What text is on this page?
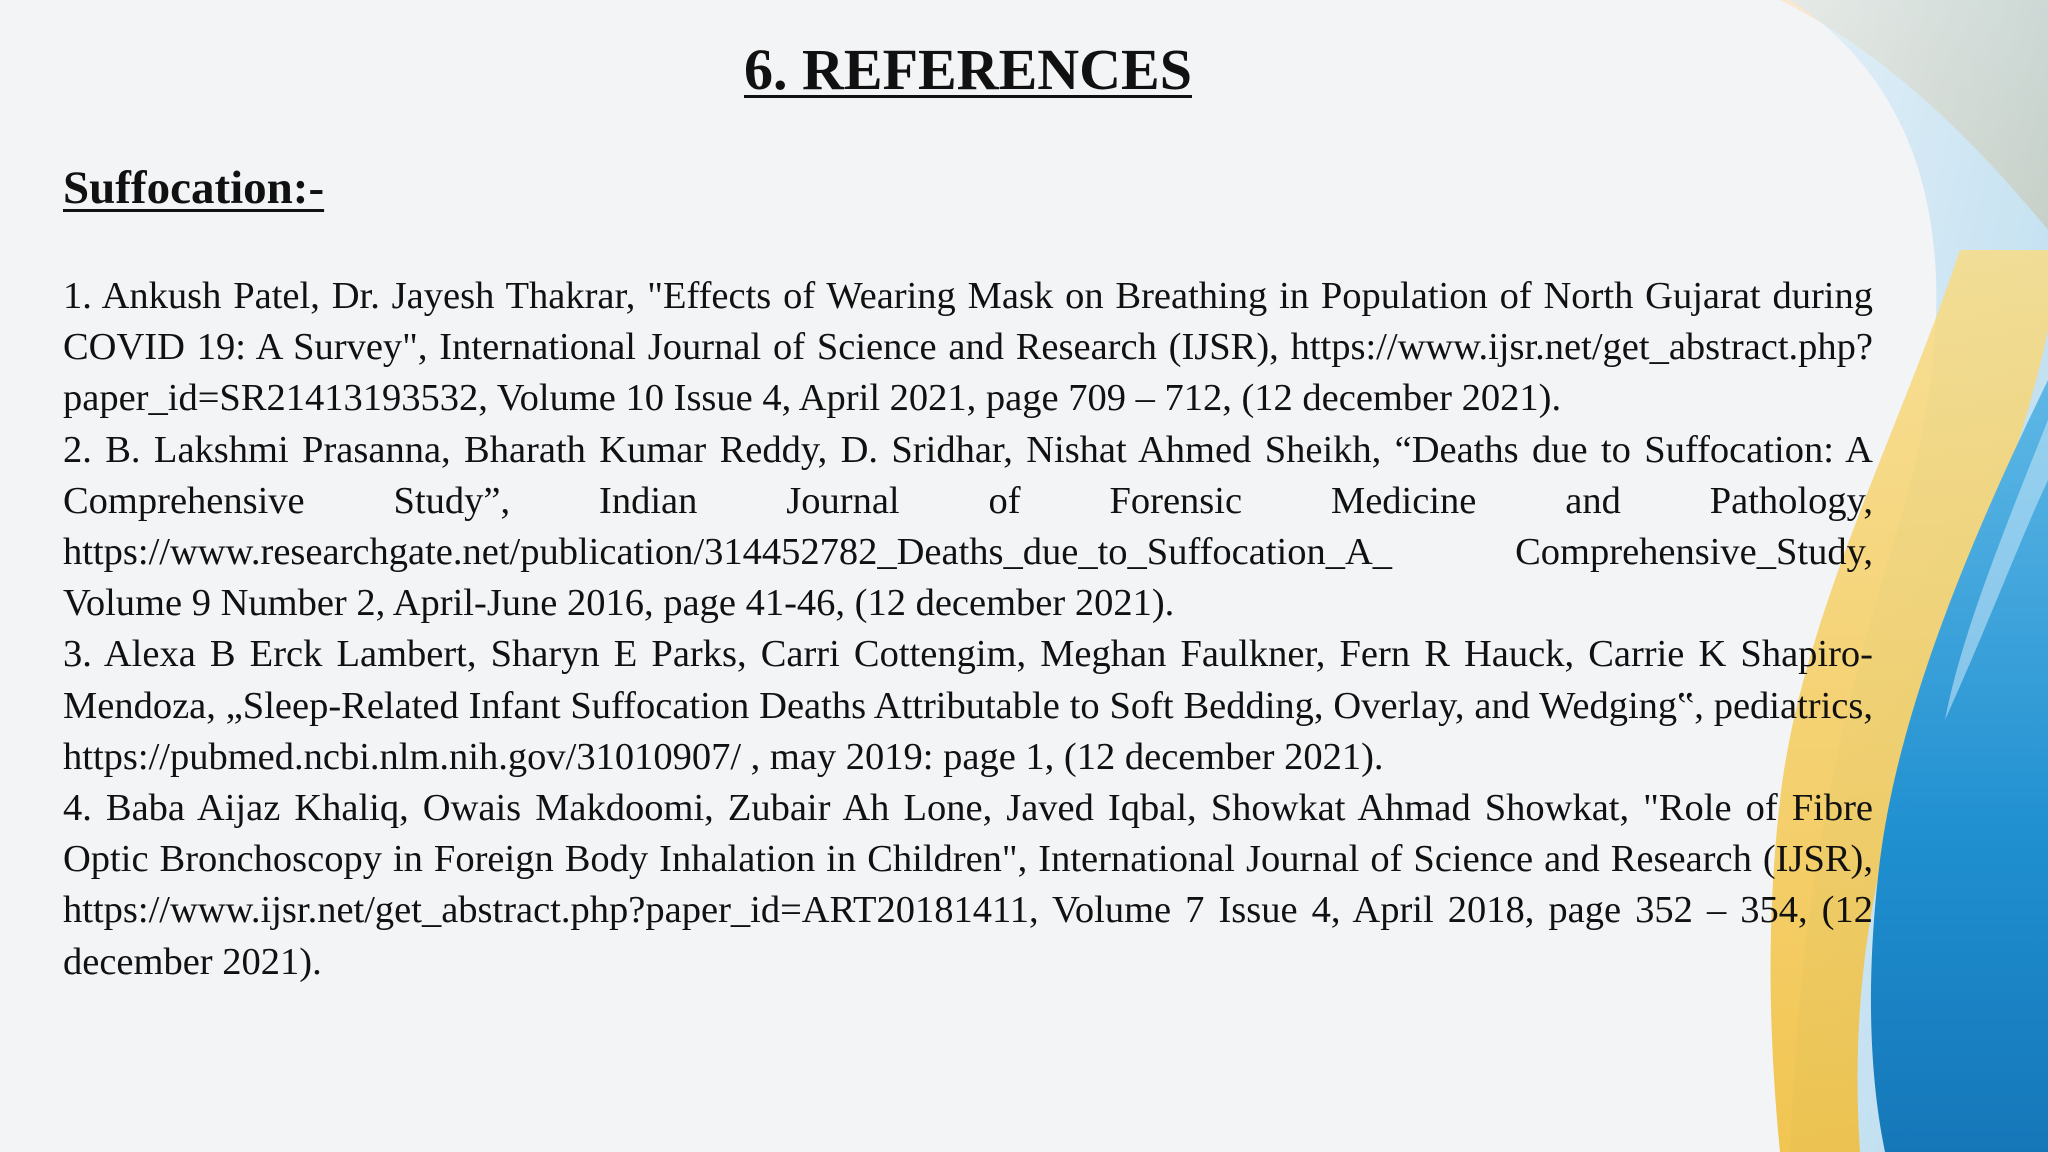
6. REFERENCES
Suffocation:-

1. Ankush Patel, Dr. Jayesh Thakrar, "Effects of Wearing Mask on Breathing in Population of North Gujarat during COVID 19: A Survey", International Journal of Science and Research (IJSR), https://www.ijsr.net/get_abstract.php?paper_id=SR21413193532, Volume 10 Issue 4, April 2021, page 709 – 712, (12 december 2021).

2. B. Lakshmi Prasanna, Bharath Kumar Reddy, D. Sridhar, Nishat Ahmed Sheikh, “Deaths due to Suffocation: A Comprehensive Study”, Indian Journal of Forensic Medicine and Pathology, https://www.researchgate.net/publication/314452782_Deaths_due_to_Suffocation_A_ Comprehensive_Study, Volume 9 Number 2, April-June 2016, page 41-46, (12 december 2021).

3. Alexa B Erck Lambert, Sharyn E Parks, Carri Cottengim, Meghan Faulkner, Fern R Hauck, Carrie K Shapiro-Mendoza, „Sleep-Related Infant Suffocation Deaths Attributable to Soft Bedding, Overlay, and Wedging‟, pediatrics, https://pubmed.ncbi.nlm.nih.gov/31010907/ , may 2019: page 1, (12 december 2021).

4. Baba Aijaz Khaliq, Owais Makdoomi, Zubair Ah Lone, Javed Iqbal, Showkat Ahmad Showkat, "Role of Fibre Optic Bronchoscopy in Foreign Body Inhalation in Children", International Journal of Science and Research (IJSR), https://www.ijsr.net/get_abstract.php?paper_id=ART20181411, Volume 7 Issue 4, April 2018, page 352 – 354, (12 december 2021).
